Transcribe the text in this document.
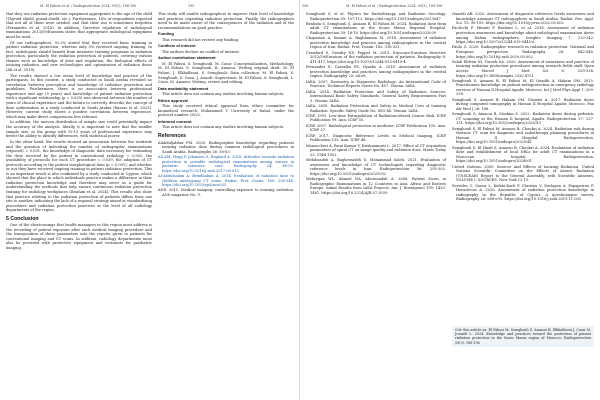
M. El Fahssi et al. / Radioprotection 2024, 59(3), 188-196	195

that they use radiation protection equipment appropriate to the age of the child (Thyroid shield, gonad shield, etc.). Furthermore, 14% of respondents reported that not all of them were needed, and that their use is sometimes forgotten (Fernandes et al. 2018). In addition, Directive regulation of radiological examinations 2013/59/Euratom states that appropriate radiological equipment must be used...

Of our radiographers, 92.3% stated that they received basic training in patient radiation protection, whereas only 5% received ongoing training. In fact, radiologists should benefit from intensive training programs in radiation protection, particularly the radiation protection of patients, covering various themes such as knowledge of dose and regulation, the biological effects of ionising radiation, and new technologies and optimisation of radiation doses (Ali et al. 2018).

The results showed a low mean level of knowledge and practice of the participants. In this context, a study conducted in Saudi Arabia revealed no correlation between perception and knowledge of radiation protection and guidelines. Furthermore, there is no association between professional experience and age (5 years) and knowledge of patient radiation protection with a significant relationship (p = 0.025) was observed between the number of years of clinical experience and the failure to correctly describe the concept of dose optimisation in a study conducted in Saudi Arabia (Rassas et al. 2023). However, current study shows a positive correlation between experience, which may make direct comparisons less relevant.

In addition, the uneven distribution of sample size could potentially impact the accuracy of the analysis. Ideally, it is important to note that the smaller sample size, in the group with 10-15 years of professional experience may better the ability to identify differences, with statistical power.

In the other hand, the results showed an association between the workside and the question of indicating the number of radiographic examinations (exposed) = 0.001, the knowledge of diagnostic data necessary for estimating the dose received by the patient in conventional radiology = 0.002, the availability of protocols for each CT procedure = 0.039, the adoption of CT protocols according to the patient morphological data (p = 0.001), and whether or not they have received ongoing training in patient radiation protection. This is an important result is also confirmed by a study conducted in Cyprus, which showed that the place in which individuals practice makes a difference in their radiation protection knowledge and therefore may serve as a guide for understanding the methods that help ensure continuous radiation protection training for radiology workplaces (Ibrahim et al. 2024). This results also show that practice relating to the radiation protection of patients differs from one site to another, indicating the lack of a regional strategy aimed at standardising procedures and radiation protection practices at the level of all radiology departments of the region.

5 Conclusion

One of the shortcomings that health managers in this region must address is the recording of patient exposure after each medical imaging procedure and the transposition of these parameters into the reports given to patients for conventional imaging and CT scans. In addition, radiology departments must also be provided with protective equipment and restraints for paediatric imaging.

This study will enable radiographers to improve their level of knowledge and practices regarding radiation protection. Finally, the radiographers need to be made aware of the consequences of the radiation and of the recommendations on good practice.

Funding

This research did not receive any funding.

Conflicts of interest

The authors declare no conflict of interest.

Author contribution statement

M. El Fahssi, S. Semghouli, M. Cassi: Conceptualization, Methodology. M. El Fahssi, S. Semghouli, B. Amaoui: Writing original draft. M. El Fahssi, J. Elkhalfaoui, S. Semghouli: Data collection. M. El Fahssi, S. Semghouli, Z. Cassi, J. Aourdi: Supervision. M. El Fahssi, S. Semghouli, L. Cassi, M. Amaoui: Writing, review and editing.

Data availability statement

This article does not contain any studies involving human subjects.

Ethics approval

This study received ethical approval from ethics committee for biomedical research, Mohammed V University of Rabat, under the protocol number 29/22.

Informed consent

This article does not contain any studies involving human subjects.

References

Alabduljabbar FM. 2020. Radiographer knowledge regarding patients ionizing radiation dose during common radiological procedures in Saudi Arabia. Radiography 26: 56-63.

Ali AM, Hogg P, Johansen S, England A. 2018. Attitudes towards radiation protection in portable radiological examinations among nurses in pediatric intensive care. Radiography 24: 48-55. https://doi.org/10.1016/j.radi.2017.08.013

Al-Abdulsalam A, Brindhaban A. 2014. Evaluation of radiation dose to children undergoing CT scans. Radiat. Prot. Dosim. 160: 238-244. https://doi.org/10.1093/rpd/ncu035

ANS. 2011. Medical imaging: controlling exposure to ionising radiation. ANS magazine No. 9.

196	M. El Fahssi et al. / Radioprotection 2024, 59(3), 188-196

Semghouli S, et al. Physics for Radiotherapy and Radiation Oncology. Radioprotection 59: 107-112. https://doi.org/10.1051/radiopro/2023047

Benhida S, Semghouli S, Amaoui B, El Fahssi M. 2024. Radiation dose from adult CT examinations at the Souss Massa Regional Hospital. Radioprotection 59: 18-18. https://doi.org/10.1051/radiopro/2023039

Chaparian A, Kanani A, Baghbanian M. 2014. Assessment of radiation protection knowledge and practice among radiographers in the central region of Iran. Radiat. Prot. Dosim. 162: 316-321.

Crawford S, Gwadry NS, Pepper M. 2013. Eurocare-Euratom Directive 2013/59/Euratom of the radiation protection of patients. Radiography 6: 411-417. https://doi.org/10.1007/s13244-015-0410-4

Fernandes E, Carvalho PS, Nyarko A. 2018. Assessment of radiation protection knowledge and practices among radiographers in the central region. Radiography 25: e4-e8.

IAEA. 2007. Dosimetry in Diagnostic Radiology: An International Code of Practice. Technical Reports Series No. 457. Vienna: IAEA.

IAEA. 2014. Radiation Protection and Safety of Radiation Sources: International Basic Safety Standards. General Safety Requirements Part 3. Vienna: IAEA.

IAEA. 2018. Radiation Protection and Safety in Medical Uses of Ionizing Radiation. Specific Safety Guide No. SSG-46. Vienna: IAEA.

ICRP. 1991. Low-dose Extrapolation of Radiation-related Cancer Risk. ICRP Publication 99. Ann. ICRP 35.

ICRP. 2007. Radiological protection in medicine. ICRP Publication 105. Ann. ICRP 37.

ICRP. 2017. Diagnostic Reference Levels in Medical Imaging. ICRP Publication 135. Ann. ICRP 46.

Manoucheri A, Rwai Kumar V, Krishnamurti L. 2017. Effect of CT acquisition parameters of spiral CT on image quality and radiation dose. Mater Today 23: 1948-1952.

Mehdizadeh A, Bagherzadeh S, Mohammad Saleh. 2021. Evaluation of awareness and knowledge of CT technologists regarding diagnostic reference levels in Iran. Radioprotection 56: 295-302. https://doi.org/10.1051/radiopro/2021032

Mehregan WL, Ahmed NA, Abozenadah A. 2008. Patient Doses in Radiographic Examinations in 12 Countries in Asia, Africa and Eastern Europe: Initial Results from IAEA Projects. Am. J. Roentgenol 190: 1453-1461. https://doi.org/10.2214/AJR.07.3039

Ouaridi AB. 2022. Assessment of diagnostic reference levels awareness and knowledge amongst CT radiographers in Saudi Arabia. Radiat. Res. Appl. Sci. 15: 98-105. https://doi.org/10.1016/j.jrras.2022.05.002

Paolicchi F, Miniati F, Bastiani L, et al. 2016. Assessment of radiation protection awareness and knowledge about radiological examination doses among Italian radiographers. Insights Imaging 7: 233-242. https://doi.org/10.1007/s13244-015-0445-6

Paulo G. 2020. Radiographer research in radiation protection: National and European perspective. Radiography 26: S42-S48. https://doi.org/10.1016/j.radi.2020.05.002

Salah Eldeen NI, Turook SA. 2020. Assessment of awareness and practice of ionizing radiation protection procedures among research fields staff. Open Access Maced J Med Sci 8: 529-534. https://doi.org/10.3889/oamjms.2020.4751

Semghouli S, Amaoui B, El Fahssi M, El Ouadih A, Hakam OM. 2015. Practitioners knowledge on patient radioprotection in emergency radiology services of Hassan II Hospital Agadir, Morocco. Int J Med Phys Appl 1: 209-299.

Semghouli S, Amaoui B, Hakam OM, Choukri A. 2017. Radiation doses during computed tomography in Hassan II Hospital Agadir, Morocco. Pan Afr Med J 26: 188.

Semghouli S, Amaoui B, Maskim S. 2022. Radiation doses during pediatric CT scanning at the Hassan II hospital, Agadir. Radioprotection 57: 127-131. https://doi.org/10.1051/radiopro/2022011

Semghouli S, El Fahssi M, Amaoui B, Choukri A. 2024. Radiation risk during thoracic CT scan for diagnosis and radiotherapy planning procedures in Hassan II Hospital. Radioprotection. https://doi.org/10.1051/radiopro/2023041

Semghouli S, El Hnafi S, Amaoui B, Choukri A. 2024. Evaluation of radiation dose and establishment of local DRLs for adult CT examinations in a Moroccan hospital. Radioprotection. https://doi.org/10.1051/radiopro/2024001

United Nations. 2000. Sources And Effects of Ionizing Radiation. United Nations Scientific Committee on the Effects of Atomic Radiation (UNSCEAR) Report to the General Assembly, with Scientific Annexes, VOLUME I: SOURCES. New York 12-13.

Zervides C, Sassis L, Kefala-Karli P, Christou V, Derlagen A, Papapetrou P, Heracleous A. 2020. Assessment of radiation protection knowledge in radiography in the Republic of Cyprus. A questionnaire survey. Radiography 26: e88-e93. https://doi.org/10.1016/j.radi.2019.11.003

Cite this article as: El Fahssi M, Semghouli S, Amaoui B, Elkhalfaoui J, Cassi M, Jroundi L. 2024. Knowledge and practices toward the protection of patient radiation protection in the Souss Massa region of Morocco. Radioprotection 59(3): 188-196
